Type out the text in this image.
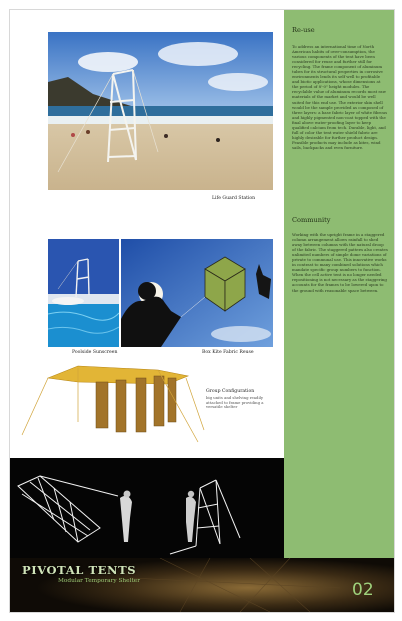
Life Guard Station
Poolside Sunscreen	Box Kite Fabric Reuse
Group Configuration
big units and shelving readily attached to frame providing a versatile shelter
Re-use
To address an international time of North American habits of over-consumption, the various components of the tent have been considered for reuse and further still for recycling. The frame component of aluminum tubes for its structural properties in corrosive environments lends its self well to profitable and biotic applications, whose dimensions at the period of 8'-0" height modules. The recyclable value of aluminum records most raw materials of the market and would be well suited for this end use. The exterior skin shell would be the sample provided as composed of three layers: a base fabric layer of white fibrous and highly pigmented non-coat topped with the final above water-proofing layer to keep qualified calcium from tech. Durable, light, and full of color the tent water shield fabric are highly desirable for further product design. Feasible products may include as kites, wind sails, backpacks and even furniture.
Community
Working with the upright frame in a staggered column arrangement allows rainfall to shed away between columns with the natural droop of the fabric. The staggered pattern also creates unlimited numbers of simple dome variations of private to communal use. This innovative works in contrast to many combined solutions which mandate specific group numbers to function. When the cell active tent is no longer needed repositioning is not necessary as the staggering accounts for the frames to be lowered upon to the ground with reasonable space between.
PIVOTAL TENTS
Modular Temporary Shelter	02
